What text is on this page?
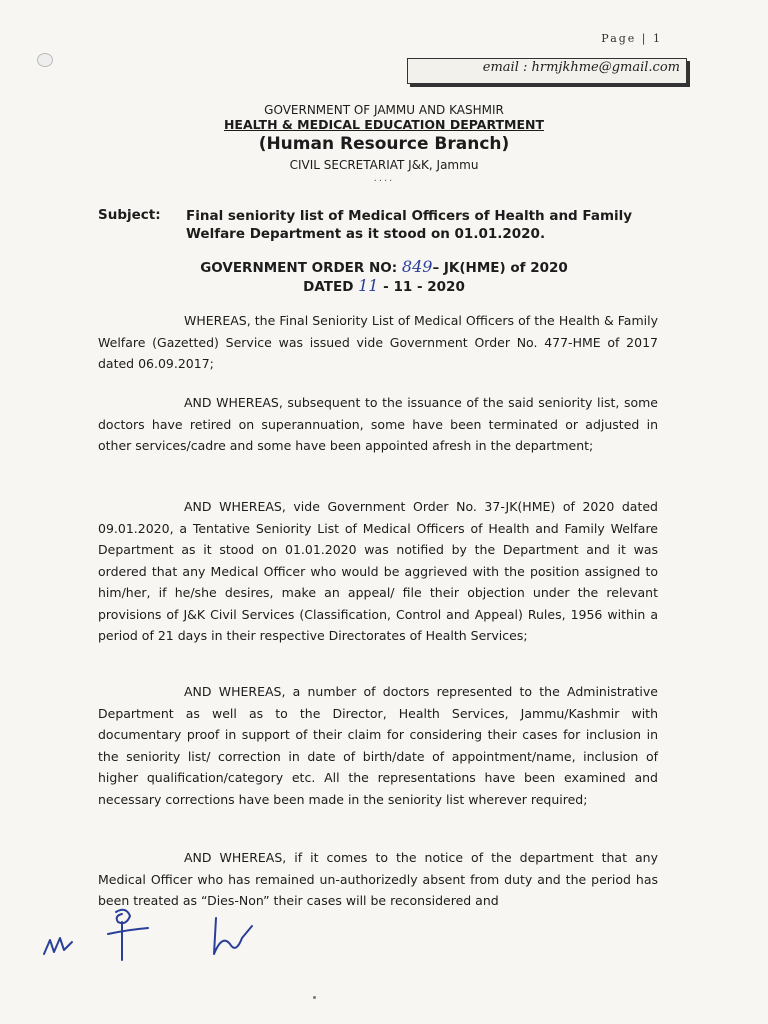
Page | 1
email : hrmjkhme@gmail.com
GOVERNMENT OF JAMMU AND KASHMIR
HEALTH & MEDICAL EDUCATION DEPARTMENT
(Human Resource Branch)
CIVIL SECRETARIAT J&K, Jammu
....
Subject: Final seniority list of Medical Officers of Health and Family Welfare Department as it stood on 01.01.2020.
GOVERNMENT ORDER NO: 849– JK(HME) of 2020
DATED 11 - 11 - 2020
WHEREAS, the Final Seniority List of Medical Officers of the Health & Family Welfare (Gazetted) Service was issued vide Government Order No. 477-HME of 2017 dated 06.09.2017;
AND WHEREAS, subsequent to the issuance of the said seniority list, some doctors have retired on superannuation, some have been terminated or adjusted in other services/cadre and some have been appointed afresh in the department;
AND WHEREAS, vide Government Order No. 37-JK(HME) of 2020 dated 09.01.2020, a Tentative Seniority List of Medical Officers of Health and Family Welfare Department as it stood on 01.01.2020 was notified by the Department and it was ordered that any Medical Officer who would be aggrieved with the position assigned to him/her, if he/she desires, make an appeal/ file their objection under the relevant provisions of J&K Civil Services (Classification, Control and Appeal) Rules, 1956 within a period of 21 days in their respective Directorates of Health Services;
AND WHEREAS, a number of doctors represented to the Administrative Department as well as to the Director, Health Services, Jammu/Kashmir with documentary proof in support of their claim for considering their cases for inclusion in the seniority list/ correction in date of birth/date of appointment/name, inclusion of higher qualification/category etc. All the representations have been examined and necessary corrections have been made in the seniority list wherever required;
AND WHEREAS, if it comes to the notice of the department that any Medical Officer who has remained un-authorizedly absent from duty and the period has been treated as “Dies-Non” their cases will be reconsidered and
